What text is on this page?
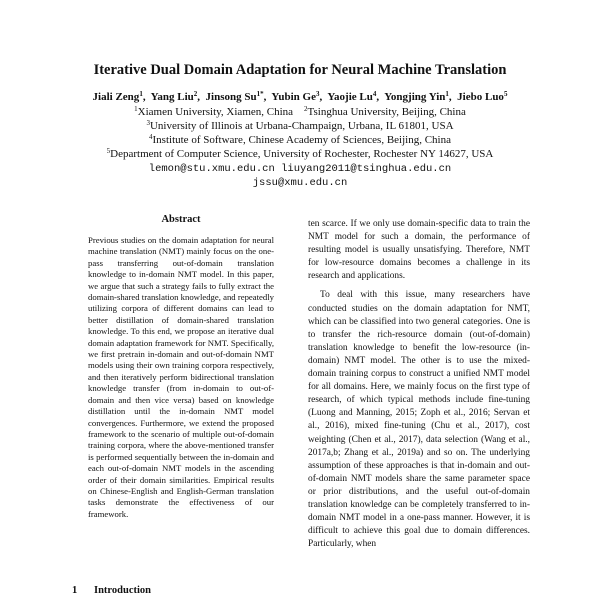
Iterative Dual Domain Adaptation for Neural Machine Translation
Jiali Zeng$^1$,  Yang Liu$^2$,  Jinsong $Su^{1*}$,  Yubin Ge$^3$,  Yaojie Lu$^4$,  Yongjing Yin$^1$,  Jiebo Luo$^5$
$^1$Xiamen University, Xiamen, China $^2$Tsinghua University, Beijing, China
$^3$University of Illinois at Urbana-Champaign, Urbana, IL 61801, USA
$^4$Institute of Software, Chinese Academy of Sciences, Beijing, China
$^5$Department of Computer Science, University of Rochester, Rochester NY 14627, USA
lemon@stu.xmu.edu.cn liuyang2011@tsinghua.edu.cn
jssu@xmu.edu.cn
Abstract
Previous studies on the domain adaptation for neural machine translation (NMT) mainly focus on the one-pass transferring out-of-domain translation knowledge to in-domain NMT model. In this paper, we argue that such a strategy fails to fully extract the domain-shared translation knowledge, and repeatedly utilizing corpora of different domains can lead to better distillation of domain-shared translation knowledge. To this end, we propose an iterative dual domain adaptation framework for NMT. Specifically, we first pretrain in-domain and out-of-domain NMT models using their own training corpora respectively, and then iteratively perform bidirectional translation knowledge transfer (from in-domain to out-of-domain and then vice versa) based on knowledge distillation until the in-domain NMT model convergences. Furthermore, we extend the proposed framework to the scenario of multiple out-of-domain training corpora, where the above-mentioned transfer is performed sequentially between the in-domain and each out-of-domain NMT models in the ascending order of their domain similarities. Empirical results on Chinese-English and English-German translation tasks demonstrate the effectiveness of our framework.

ten scarce. If we only use domain-specific data to train the NMT model for such a domain, the performance of resulting model is usually unsatisfying. Therefore, NMT for low-resource domains becomes a challenge in its research and applications.

To deal with this issue, many researchers have conducted studies on the domain adaptation for NMT, which can be classified into two general categories. One is to transfer the rich-resource domain (out-of-domain) translation knowledge to benefit the low-resource (in-domain) NMT model. The other is to use the mixed-domain training corpus to construct a unified NMT model for all domains. Here, we mainly focus on the first type of research, of which typical methods include fine-tuning (Luong and Manning, 2015; Zoph et al., 2016; Servan et al., 2016), mixed fine-tuning (Chu et al., 2017), cost weighting (Chen et al., 2017), data selection (Wang et al., 2017a,b; Zhang et al., 2019a) and so on. The underlying assumption of these approaches is that in-domain and out-of-domain NMT models share the same parameter space or prior distributions, and the useful out-of-domain translation knowledge can be completely transferred to in-domain NMT model in a one-pass manner. However, it is difficult to achieve this goal due to domain differences. Particularly, when

1 Introduction
